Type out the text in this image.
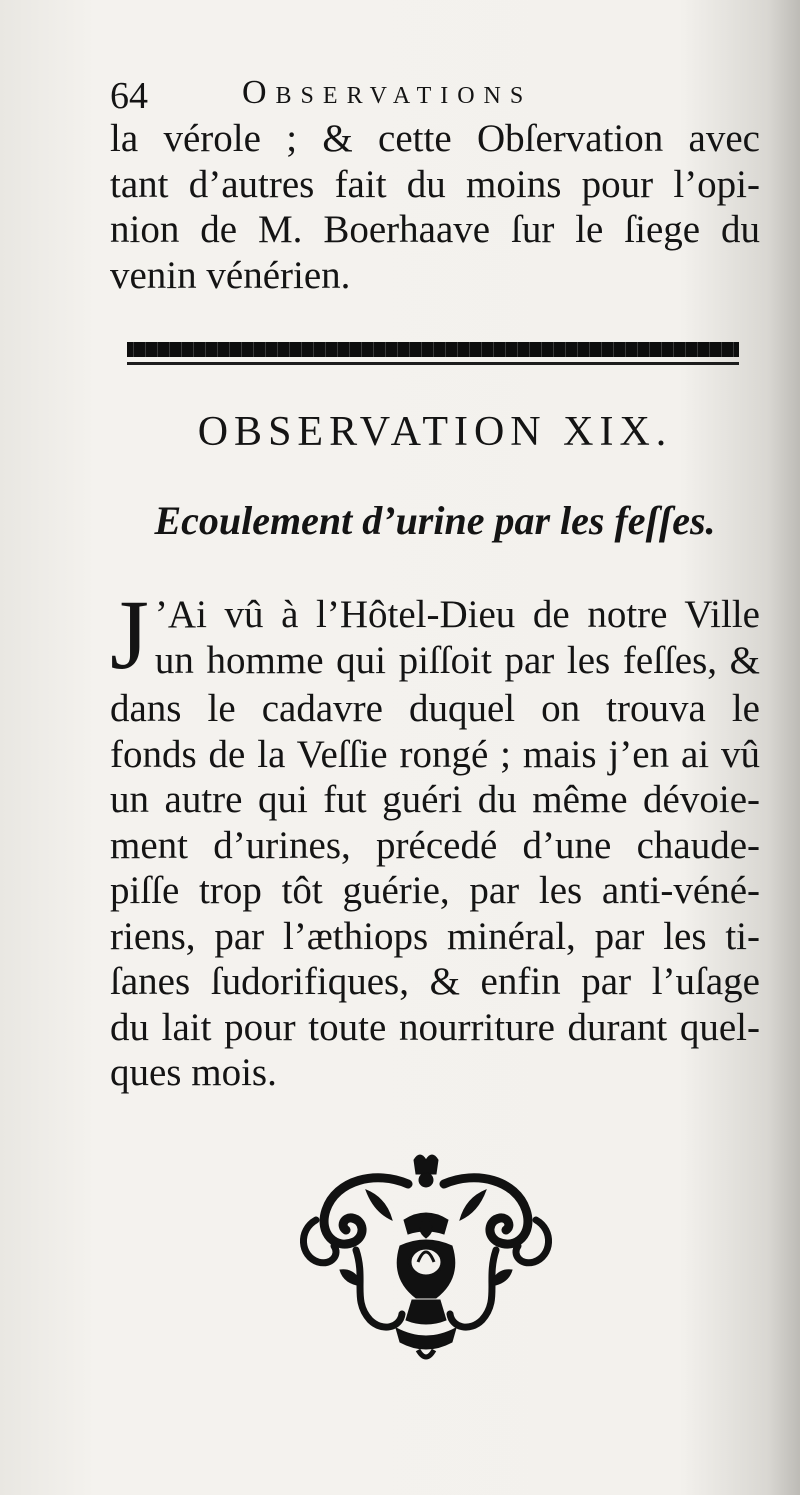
64	Observations
la vérole ; & cette Obſervation avec
tant d’autres fait du moins pour l’opi-
nion de M. Boerhaave ſur le ſiege du
venin vénérien.
OBSERVATION XIX.
Ecoulement d’urine par les feſſes.
J ’Ai vû à l’Hôtel-Dieu de notre Ville
un homme qui piſſoit par les feſſes, &
dans le cadavre duquel on trouva le
fonds de la Veſſie rongé ; mais j’en ai vû
un autre qui fut guéri du même dévoie-
ment d’urines, précedé d’une chaude-
piſſe trop tôt guérie, par les anti-véné-
riens, par l’æthiops minéral, par les ti-
ſanes ſudorifiques, & enfin par l’uſage
du lait pour toute nourriture durant quel-
ques mois.
